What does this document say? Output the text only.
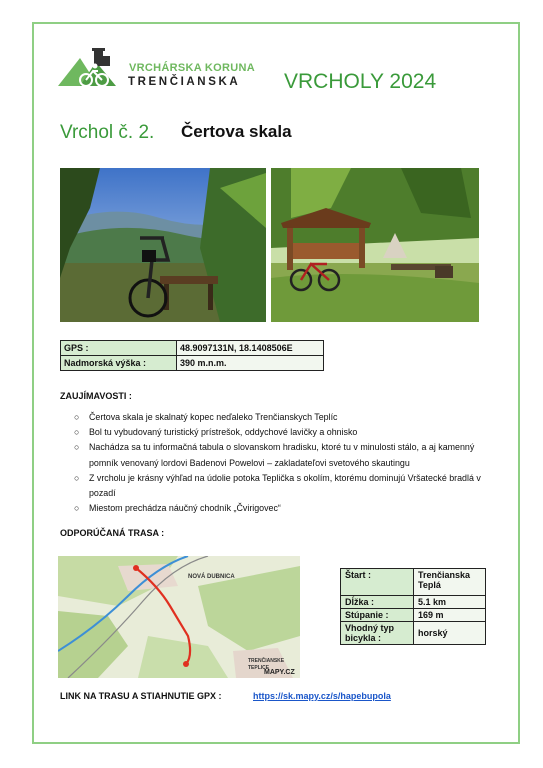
VRCHÁRSKA KORUNA
TRENČIANSKA VRCHOLY 2024
Vrchol č. 2. Čertova skala
GPS :	48.9097131N, 18.1408506E
Nadmorská výška :	390 m.n.m.
ZAUJÍMAVOSTI :
○ Čertova skala je skalnatý kopec neďaleko Trenčianskych Teplíc
○ Bol tu vybudovaný turistický prístrešok, oddychové lavičky a ohnisko
○ Nachádza sa tu informačná tabula o slovanskom hradisku, ktoré tu v minulosti stálo, a aj kamenný pomník venovaný lordovi Badenovi Powelovi – zakladateľovi svetového skautingu
○ Z vrcholu je krásny výhľad na údolie potoka Teplička s okolím, ktorému dominujú Vršatecké bradlá v pozadí
○ Miestom prechádza náučný chodník „Čvirigovec“
ODPORÚČANÁ TRASA :
NOVÁ DUBNICA
TRENČIANSKE
TEPLICE
MAPY.CZ
Štart :	Trenčianska Teplá
Dĺžka :	5.1 km
Stúpanie :	169 m
Vhodný typ bicykla :	horský
LINK NA TRASU A STIAHNUTIE GPX :	https://sk.mapy.cz/s/hapebupola
